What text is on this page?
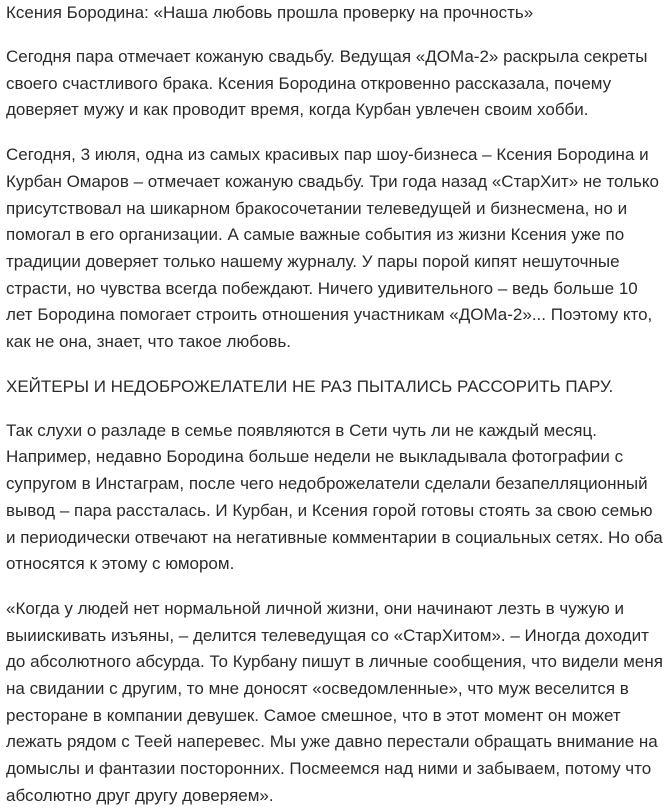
Ксения Бородина: «Наша любовь прошла проверку на прочность»

Сегодня пара отмечает кожаную свадьбу. Ведущая «ДОМа-2» раскрыла секреты своего счастливого брака. Ксения Бородина откровенно рассказала, почему доверяет мужу и как проводит время, когда Курбан увлечен своим хобби.

Сегодня, 3 июля, одна из самых красивых пар шоу-бизнеса – Ксения Бородина и Курбан Омаров – отмечает кожаную свадьбу. Три года назад «СтарХит» не только присутствовал на шикарном бракосочетании телеведущей и бизнесмена, но и помогал в его организации. А самые важные события из жизни Ксения уже по традиции доверяет только нашему журналу. У пары порой кипят нешуточные страсти, но чувства всегда побеждают. Ничего удивительного – ведь больше 10 лет Бородина помогает строить отношения участникам «ДОМа-2»... Поэтому кто, как не она, знает, что такое любовь.

ХЕЙТЕРЫ И НЕДОБРОЖЕЛАТЕЛИ НЕ РАЗ ПЫТАЛИСЬ РАССОРИТЬ ПАРУ.

Так слухи о разладе в семье появляются в Сети чуть ли не каждый месяц. Например, недавно Бородина больше недели не выкладывала фотографии с супругом в Инстаграм, после чего недоброжелатели сделали безапелляционный вывод – пара рассталась. И Курбан, и Ксения горой готовы стоять за свою семью и периодически отвечают на негативные комментарии в социальных сетях. Но оба относятся к этому с юмором.

«Когда у людей нет нормальной личной жизни, они начинают лезть в чужую и выиискивать изъяны, – делится телеведущая со «СтарХитом». – Иногда доходит до абсолютного абсурда. То Курбану пишут в личные сообщения, что видели меня на свидании с другим, то мне доносят «осведомленные», что муж веселится в ресторане в компании девушек. Самое смешное, что в этот момент он может лежать рядом с Теей наперевес. Мы уже давно перестали обращать внимание на домыслы и фантазии посторонних. Посмеемся над ними и забываем, потому что абсолютно друг другу доверяем».
